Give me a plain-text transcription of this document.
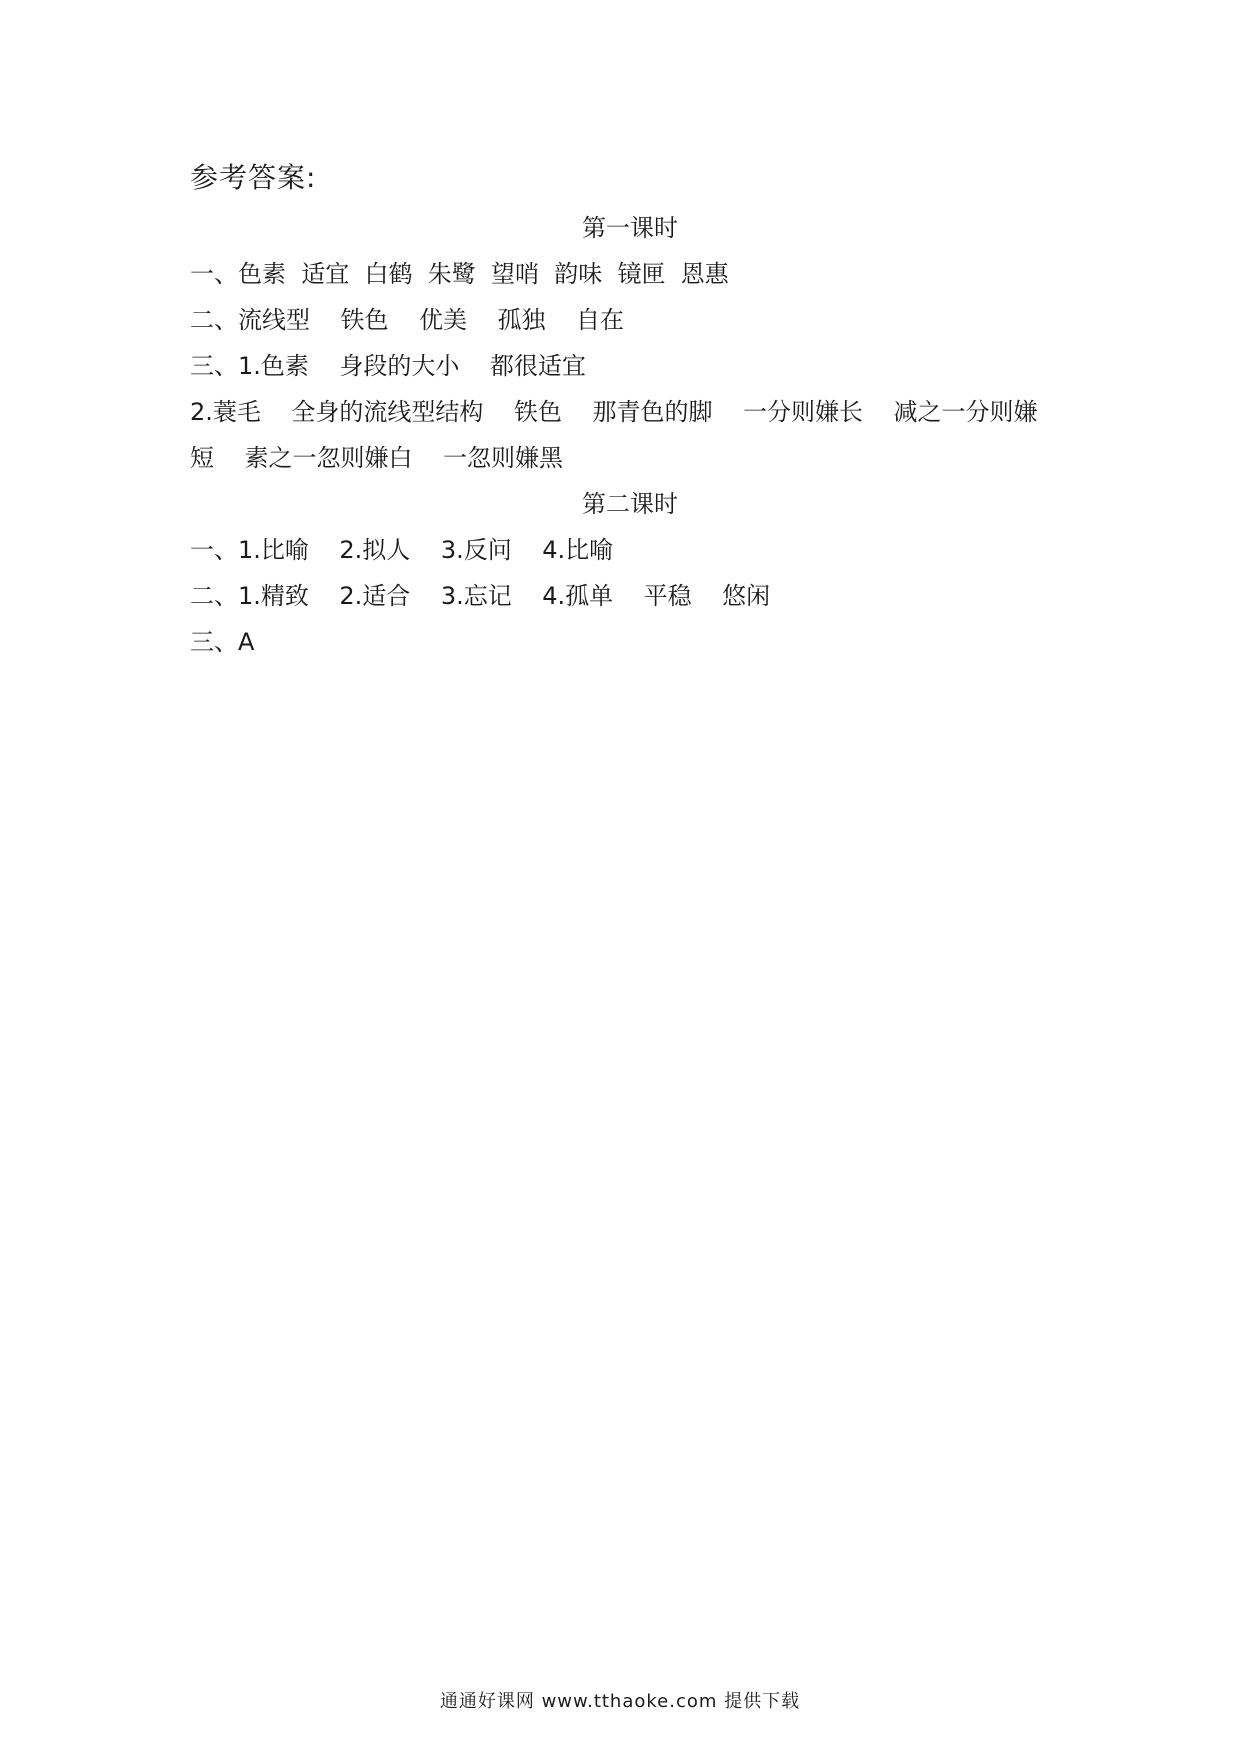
参考答案:
第一课时
一、色素  适宜  白鹤  朱鹭  望哨  韵味  镜匣  恩惠
二、流线型    铁色    优美    孤独    自在
三、1.色素    身段的大小    都很适宜
2.蓑毛    全身的流线型结构    铁色    那青色的脚    一分则嫌长    减之一分则嫌
短    素之一忽则嫌白    一忽则嫌黑
第二课时
一、1.比喻    2.拟人    3.反问    4.比喻
二、1.精致    2.适合    3.忘记    4.孤单    平稳    悠闲
三、A
通通好课网 www.tthaoke.com 提供下载
